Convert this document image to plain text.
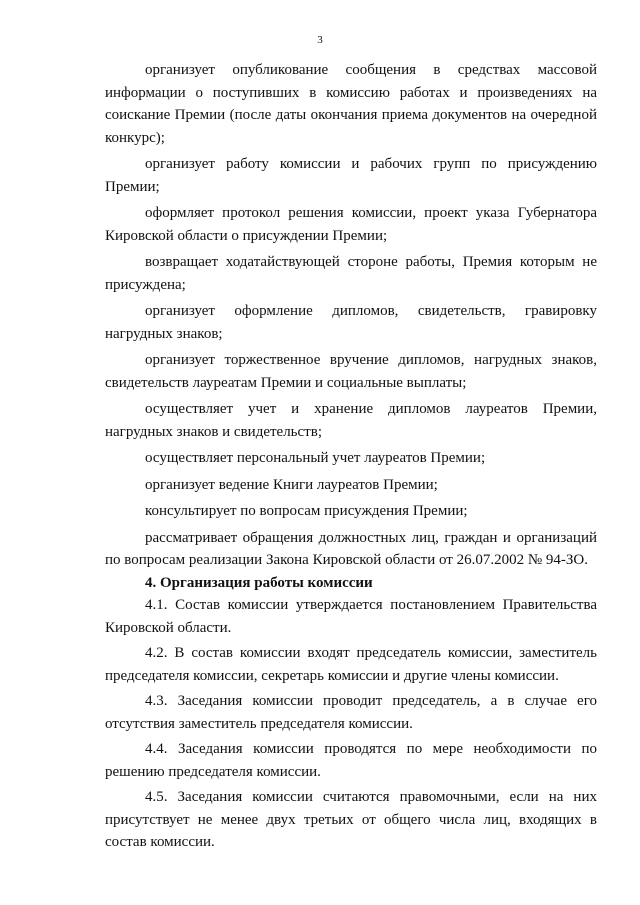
3

организует опубликование сообщения в средствах массовой информации о поступивших в комиссию работах и произведениях на соискание Премии (после даты окончания приема документов на очередной конкурс);

организует работу комиссии и рабочих групп по присуждению Премии;

оформляет протокол решения комиссии, проект указа Губернатора Кировской области о присуждении Премии;

возвращает ходатайствующей стороне работы, Премия которым не присуждена;

организует оформление дипломов, свидетельств, гравировку нагрудных знаков;

организует торжественное вручение дипломов, нагрудных знаков, свидетельств лауреатам Премии и социальные выплаты;

осуществляет учет и хранение дипломов лауреатов Премии, нагрудных знаков и свидетельств;

осуществляет персональный учет лауреатов Премии;

организует ведение Книги лауреатов Премии;

консультирует по вопросам присуждения Премии;

рассматривает обращения должностных лиц, граждан и организаций по вопросам реализации Закона Кировской области от 26.07.2002 № 94-ЗО.

4. Организация работы комиссии

4.1. Состав комиссии утверждается постановлением Правительства Кировской области.

4.2. В состав комиссии входят председатель комиссии, заместитель председателя комиссии, секретарь комиссии и другие члены комиссии.

4.3. Заседания комиссии проводит председатель, а в случае его отсутствия заместитель председателя комиссии.

4.4. Заседания комиссии проводятся по мере необходимости по решению председателя комиссии.

4.5. Заседания комиссии считаются правомочными, если на них присутствует не менее двух третьих от общего числа лиц, входящих в состав комиссии.
